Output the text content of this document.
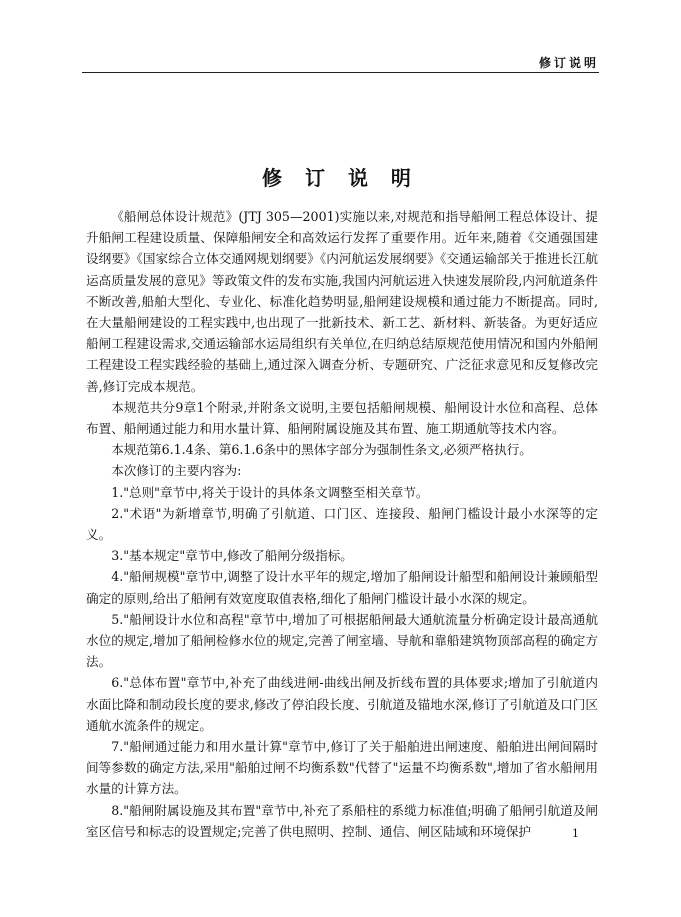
修订说明
修 订 说 明

《船闸总体设计规范》(JTJ 305—2001)实施以来,对规范和指导船闸工程总体设计、提升船闸工程建设质量、保障船闸安全和高效运行发挥了重要作用。近年来,随着《交通强国建设纲要》《国家综合立体交通网规划纲要》《内河航运发展纲要》《交通运输部关于推进长江航运高质量发展的意见》等政策文件的发布实施,我国内河航运进入快速发展阶段,内河航道条件不断改善,船舶大型化、专业化、标准化趋势明显,船闸建设规模和通过能力不断提高。同时,在大量船闸建设的工程实践中,也出现了一批新技术、新工艺、新材料、新装备。为更好适应船闸工程建设需求,交通运输部水运局组织有关单位,在归纳总结原规范使用情况和国内外船闸工程建设工程实践经验的基础上,通过深入调查分析、专题研究、广泛征求意见和反复修改完善,修订完成本规范。

本规范共分9章1个附录,并附条文说明,主要包括船闸规模、船闸设计水位和高程、总体布置、船闸通过能力和用水量计算、船闸附属设施及其布置、施工期通航等技术内容。

本规范第6.1.4条、第6.1.6条中的黑体字部分为强制性条文,必须严格执行。

本次修订的主要内容为:

1."总则"章节中,将关于设计的具体条文调整至相关章节。

2."术语"为新增章节,明确了引航道、口门区、连接段、船闸门槛设计最小水深等的定义。

3."基本规定"章节中,修改了船闸分级指标。

4."船闸规模"章节中,调整了设计水平年的规定,增加了船闸设计船型和船闸设计兼顾船型确定的原则,给出了船闸有效宽度取值表格,细化了船闸门槛设计最小水深的规定。

5."船闸设计水位和高程"章节中,增加了可根据船闸最大通航流量分析确定设计最高通航水位的规定,增加了船闸检修水位的规定,完善了闸室墙、导航和靠船建筑物顶部高程的确定方法。

6."总体布置"章节中,补充了曲线进闸-曲线出闸及折线布置的具体要求;增加了引航道内水面比降和制动段长度的要求,修改了停泊段长度、引航道及锚地水深,修订了引航道及口门区通航水流条件的规定。

7."船闸通过能力和用水量计算"章节中,修订了关于船舶进出闸速度、船舶进出闸间隔时间等参数的确定方法,采用"船舶过闸不均衡系数"代替了"运量不均衡系数",增加了省水船闸用水量的计算方法。

8."船闸附属设施及其布置"章节中,补充了系船柱的系缆力标准值;明确了船闸引航道及闸室区信号和标志的设置规定;完善了供电照明、控制、通信、闸区陆域和环境保护	1
